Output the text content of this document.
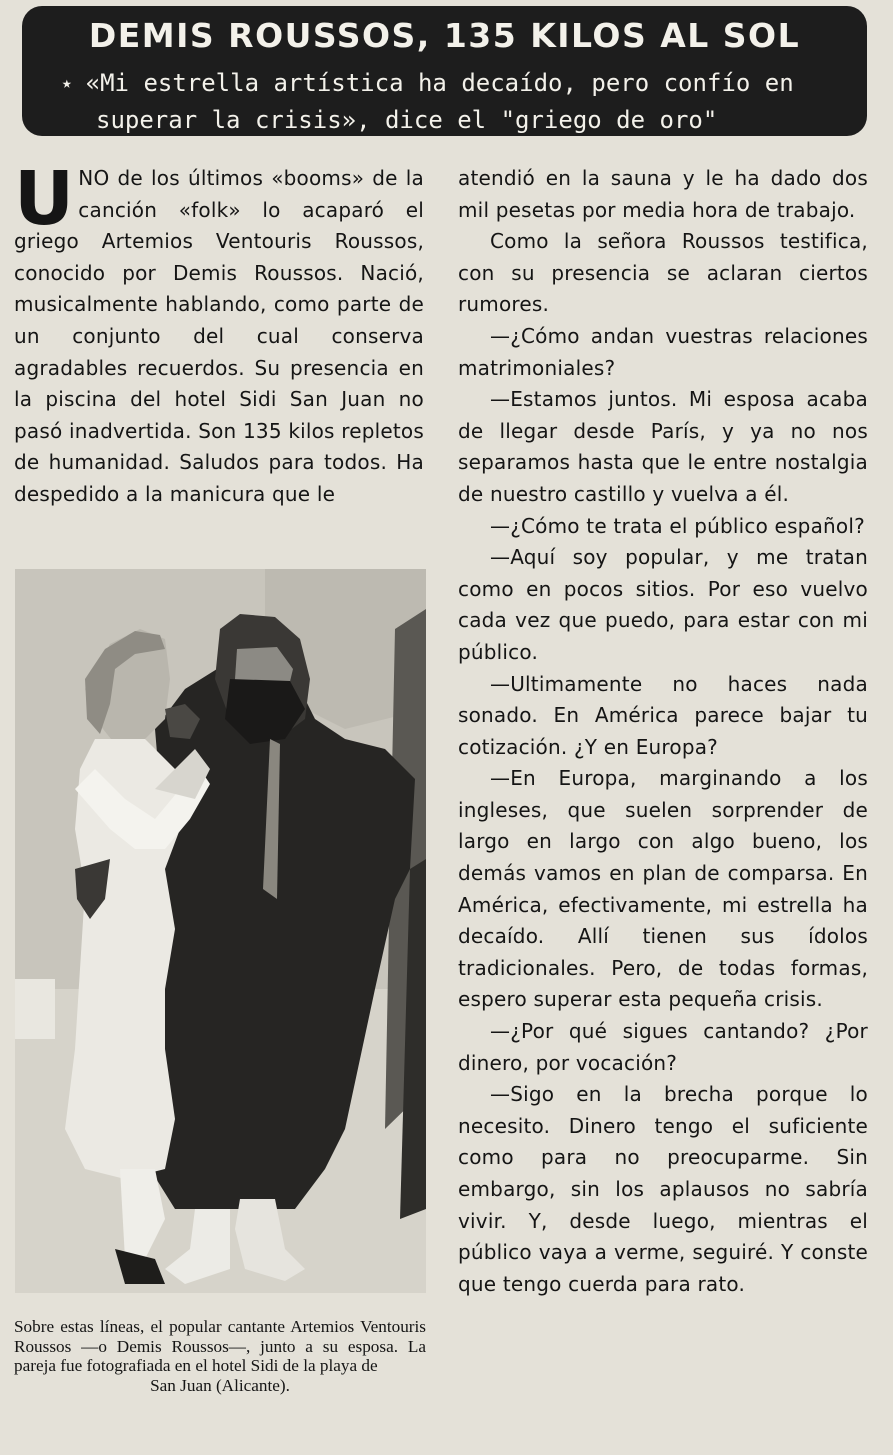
DEMIS ROUSSOS, 135 KILOS AL SOL
★ «Mi estrella artística ha decaído, pero confío en
superar la crisis», dice el "griego de oro"
U NO de los últimos «booms» de la canción «folk» lo acaparó el griego Artemios Ventouris Roussos, conocido por Demis Roussos. Nació, musicalmente hablando, como parte de un conjunto del cual conserva agradables recuerdos. Su presencia en la piscina del hotel Sidi San Juan no pasó inadvertida. Son 135 kilos repletos de humanidad. Saludos para todos. Ha despedido a la manicura que le

atendió en la sauna y le ha dado dos mil pesetas por media hora de trabajo.

Como la señora Roussos testifica, con su presencia se aclaran ciertos rumores.

—¿Cómo andan vuestras relaciones matrimoniales?

—Estamos juntos. Mi esposa acaba de llegar desde París, y ya no nos separamos hasta que le entre nostalgia de nuestro castillo y vuelva a él.

—¿Cómo te trata el público español?

—Aquí soy popular, y me tratan como en pocos sitios. Por eso vuelvo cada vez que puedo, para estar con mi público.

—Ultimamente no haces nada sonado. En América parece bajar tu cotización. ¿Y en Europa?

—En Europa, marginando a los ingleses, que suelen sorprender de largo en largo con algo bueno, los demás vamos en plan de comparsa. En América, efectivamente, mi estrella ha decaído. Allí tienen sus ídolos tradicionales. Pero, de todas formas, espero superar esta pequeña crisis.

—¿Por qué sigues cantando? ¿Por dinero, por vocación?

—Sigo en la brecha porque lo necesito. Dinero tengo el suficiente como para no preocuparme. Sin embargo, sin los aplausos no sabría vivir. Y, desde luego, mientras el público vaya a verme, seguiré. Y conste que tengo cuerda para rato.

Sobre estas líneas, el popular cantante Artemios Ventouris Roussos —o Demis Roussos—, junto a su esposa. La pareja fue fotografiada en el hotel Sidi de la playa de
San Juan (Alicante).
